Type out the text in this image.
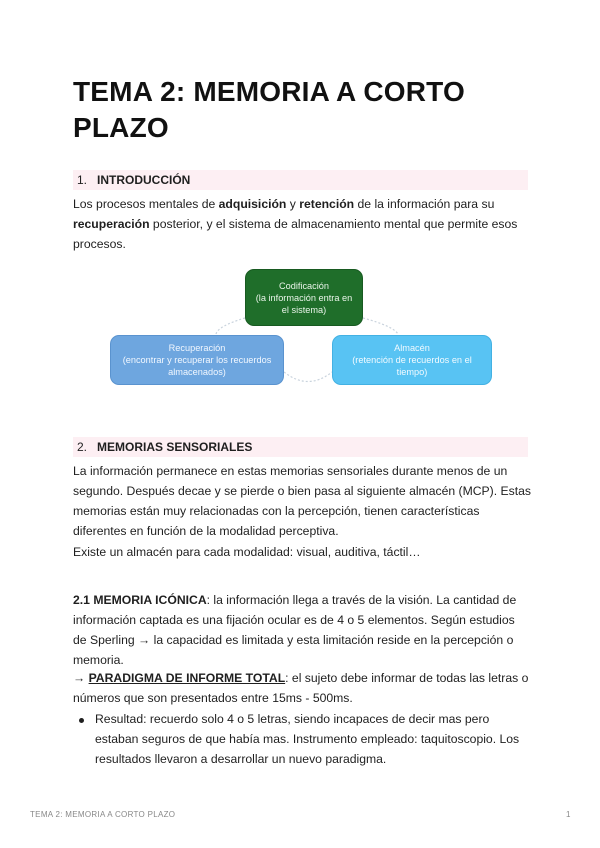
TEMA 2: MEMORIA A CORTO PLAZO
1. INTRODUCCIÓN

Los procesos mentales de adquisición y retención de la información para su recuperación posterior, y el sistema de almacenamiento mental que permite esos procesos.

Codificación
(la información entra en el sistema)
Recuperación
(encontrar y recuperar los recuerdos almacenados)
Almacén
(retención de recuerdos en el tiempo)
2. MEMORIAS SENSORIALES

La información permanece en estas memorias sensoriales durante menos de un segundo. Después decae y se pierde o bien pasa al siguiente almacén (MCP). Estas memorias están muy relacionadas con la percepción, tienen características diferentes en función de la modalidad perceptiva.

Existe un almacén para cada modalidad: visual, auditiva, táctil…

2.1 MEMORIA ICÓNICA: la información llega a través de la visión. La cantidad de información captada es una fijación ocular es de 4 o 5 elementos. Según estudios de Sperling → la capacidad es limitada y esta limitación reside en la percepción o memoria.

→ PARADIGMA DE INFORME TOTAL: el sujeto debe informar de todas las letras o números que son presentados entre 15ms - 500ms.

Resultad: recuerdo solo 4 o 5 letras, siendo incapaces de decir mas pero estaban seguros de que había mas. Instrumento empleado: taquitoscopio. Los resultados llevaron a desarrollar un nuevo paradigma.

TEMA 2: MEMORIA A CORTO PLAZO	1
